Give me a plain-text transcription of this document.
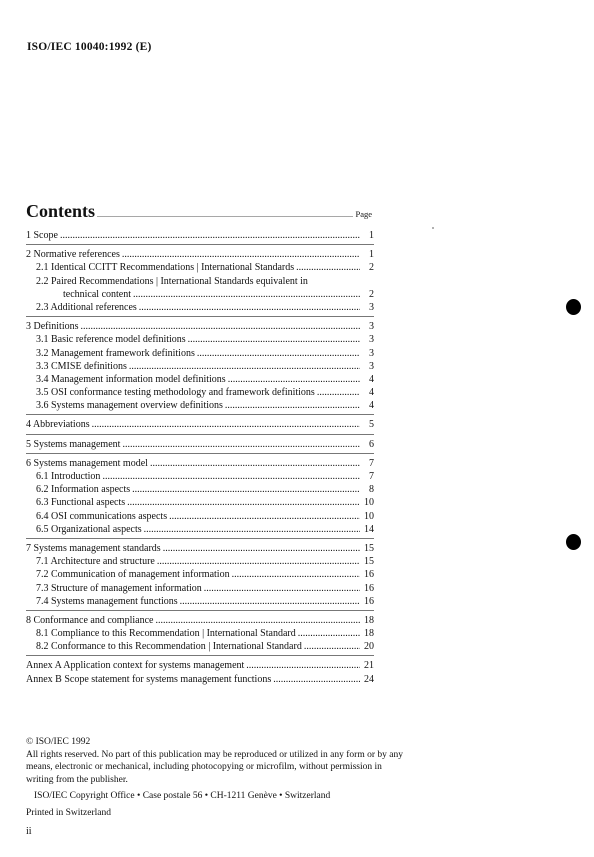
ISO/IEC 10040:1992 (E)
Contents .....	Page
1 Scope .....	1
2 Normative references .....	1
2.1 Identical CCITT Recommendations | International Standards .....	2
2.2 Paired Recommendations | International Standards equivalent in
technical content .....	2
2.3 Additional references .....	3
3 Definitions .....	3
3.1 Basic reference model definitions .....	3
3.2 Management framework definitions .....	3
3.3 CMISE definitions .....	3
3.4 Management information model definitions .....	4
3.5 OSI conformance testing methodology and framework definitions .....	4
3.6 Systems management overview definitions .....	4
4 Abbreviations .....	5
5 Systems management .....	6
6 Systems management model .....	7
6.1 Introduction .....	7
6.2 Information aspects .....	8
6.3 Functional aspects .....	10
6.4 OSI communications aspects .....	10
6.5 Organizational aspects .....	14
7 Systems management standards .....	15
7.1 Architecture and structure .....	15
7.2 Communication of management information .....	16
7.3 Structure of management information .....	16
7.4 Systems management functions .....	16
8 Conformance and compliance .....	18
8.1 Compliance to this Recommendation | International Standard .....	18
8.2 Conformance to this Recommendation | International Standard .....	20
Annex A Application context for systems management .....	21
Annex B Scope statement for systems management functions .....	24

© ISO/IEC 1992

All rights reserved. No part of this publication may be reproduced or utilized in any form or by any means, electronic or mechanical, including photocopying or microfilm, without permission in writing from the publisher.

ISO/IEC Copyright Office • Case postale 56 • CH-1211 Genève • Switzerland

Printed in Switzerland

ii
